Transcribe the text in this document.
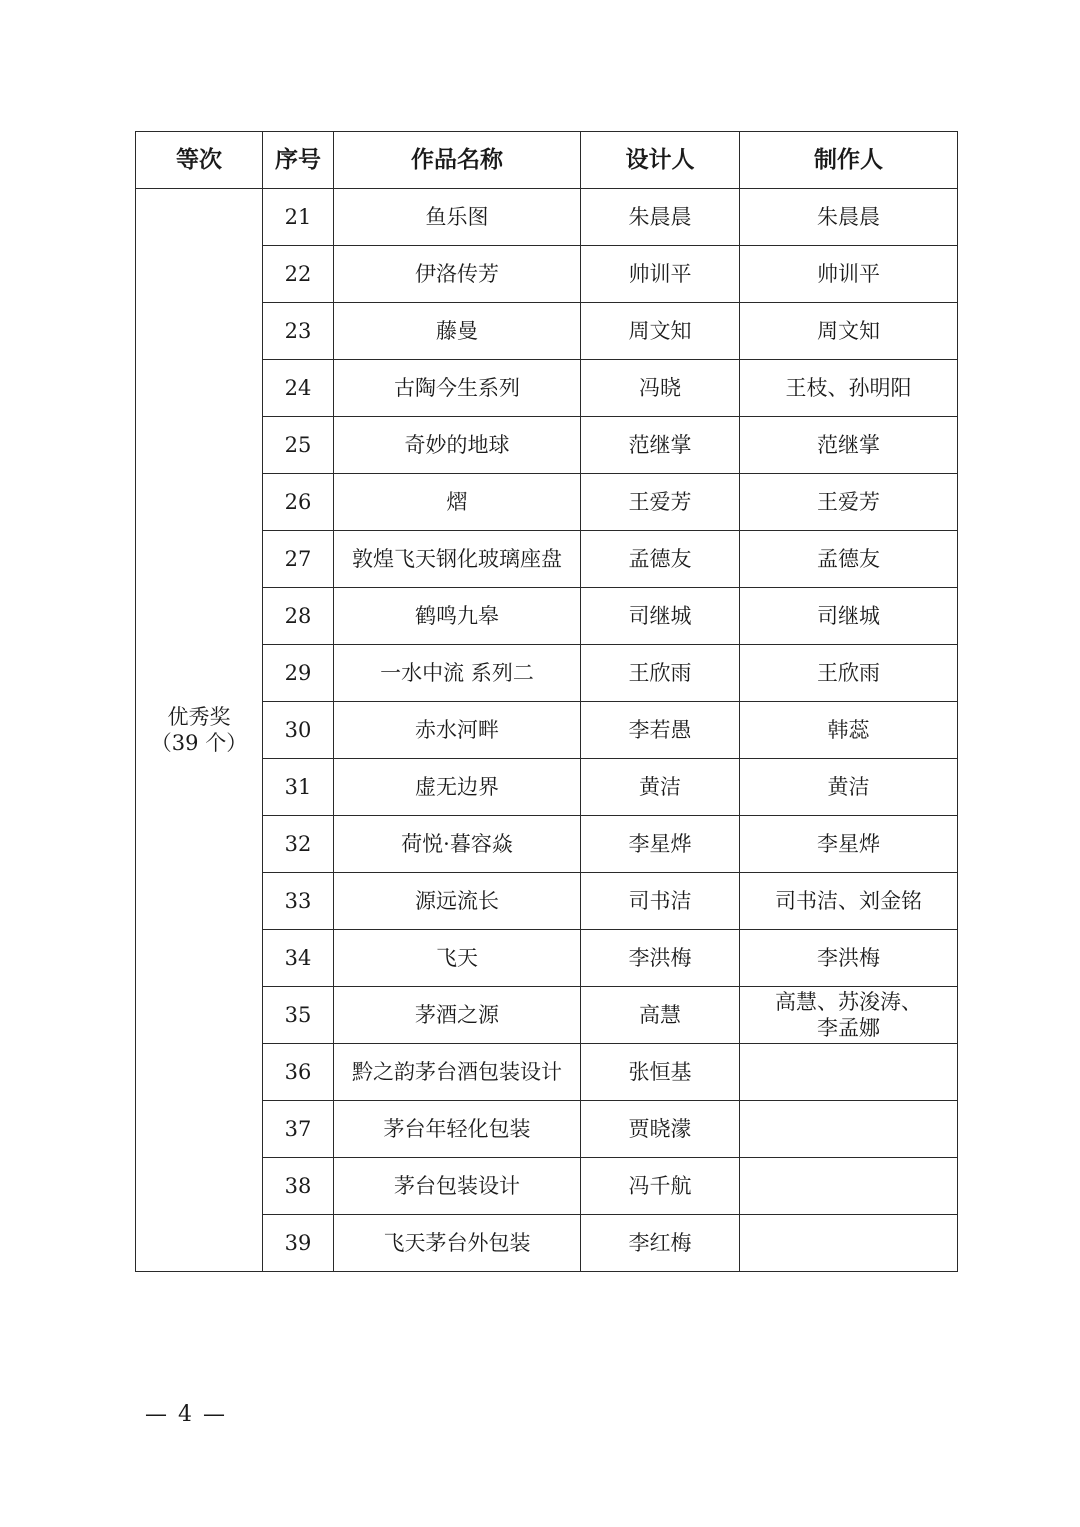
等次	序号	作品名称	设计人	制作人

优秀奖
（39 个）	21	鱼乐图	朱晨晨	朱晨晨
	22	伊洛传芳	帅训平	帅训平
	23	藤曼	周文知	周文知
	24	古陶今生系列	冯晓	王枝、孙明阳
	25	奇妙的地球	范继掌	范继掌
	26	熠	王爱芳	王爱芳
	27	敦煌飞天钢化玻璃座盘	孟德友	孟德友
	28	鹤鸣九皋	司继城	司继城
	29	一水中流 系列二	王欣雨	王欣雨
	30	赤水河畔	李若愚	韩蕊
	31	虚无边界	黄洁	黄洁
	32	荷悦·暮容焱	李星烨	李星烨
	33	源远流长	司书洁	司书洁、刘金铭
	34	飞天	李洪梅	李洪梅
	35	茅酒之源	高慧	高慧、苏浚涛、
李孟娜

	36	黔之韵茅台酒包装设计	张恒基	
	37	茅台年轻化包装	贾晓濛	
	38	茅台包装设计	冯千航	
	39	飞天茅台外包装	李红梅	
— 4 —
